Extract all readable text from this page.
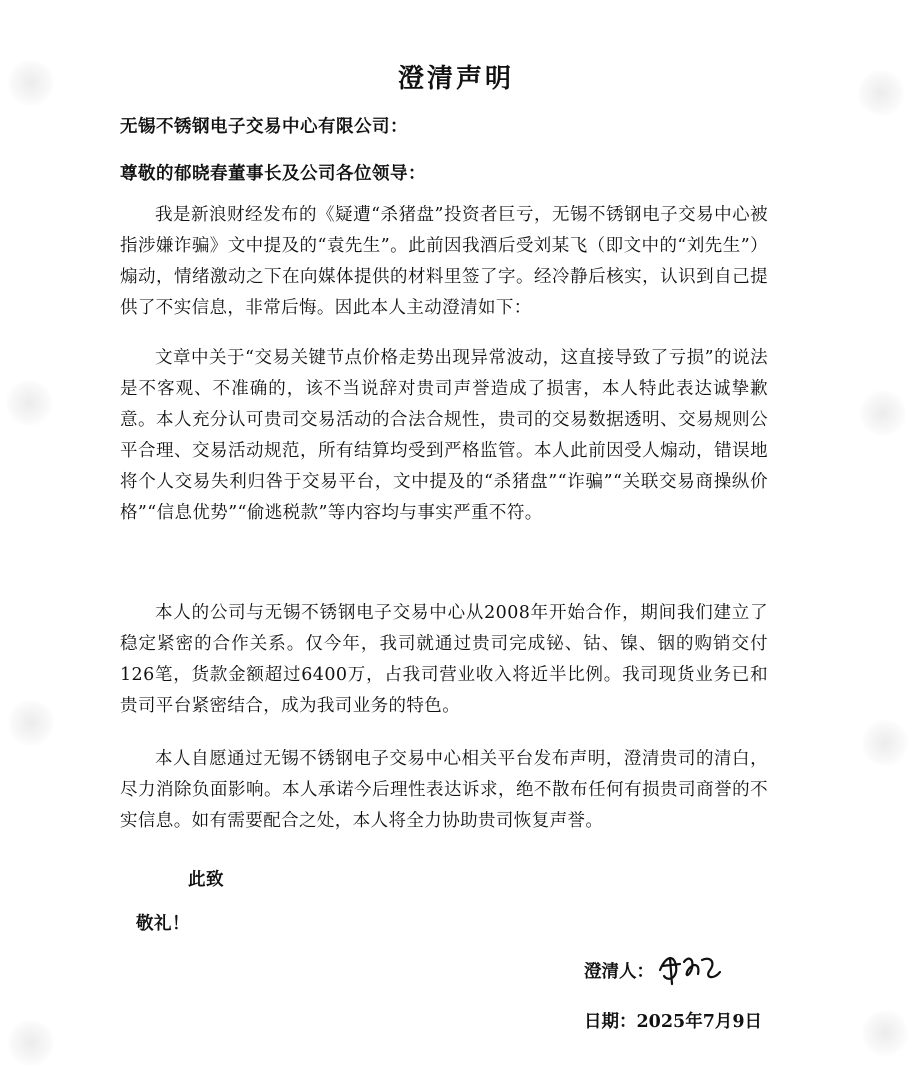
澄清声明
无锡不锈钢电子交易中心有限公司：
尊敬的郁晓春董事长及公司各位领导：
我是新浪财经发布的《疑遭“杀猪盘”投资者巨亏，无锡不锈钢电子交易中心被指涉嫌诈骗》文中提及的“袁先生”。此前因我酒后受刘某飞（即文中的“刘先生”）煽动，情绪激动之下在向媒体提供的材料里签了字。经冷静后核实，认识到自己提供了不实信息，非常后悔。因此本人主动澄清如下：
文章中关于“交易关键节点价格走势出现异常波动，这直接导致了亏损”的说法是不客观、不准确的，该不当说辞对贵司声誉造成了损害，本人特此表达诚挚歉意。本人充分认可贵司交易活动的合法合规性，贵司的交易数据透明、交易规则公平合理、交易活动规范，所有结算均受到严格监管。本人此前因受人煽动，错误地将个人交易失利归咎于交易平台，文中提及的“杀猪盘”“诈骗”“关联交易商操纵价格”“信息优势”“偷逃税款”等内容均与事实严重不符。
本人的公司与无锡不锈钢电子交易中心从2008年开始合作，期间我们建立了稳定紧密的合作关系。仅今年，我司就通过贵司完成铋、钴、镍、铟的购销交付126笔，货款金额超过6400万，占我司营业收入将近半比例。我司现货业务已和贵司平台紧密结合，成为我司业务的特色。
本人自愿通过无锡不锈钢电子交易中心相关平台发布声明，澄清贵司的清白，尽力消除负面影响。本人承诺今后理性表达诉求，绝不散布任何有损贵司商誉的不实信息。如有需要配合之处，本人将全力协助贵司恢复声誉。
此致
敬礼！
澄清人：
日期：2025年7月9日
